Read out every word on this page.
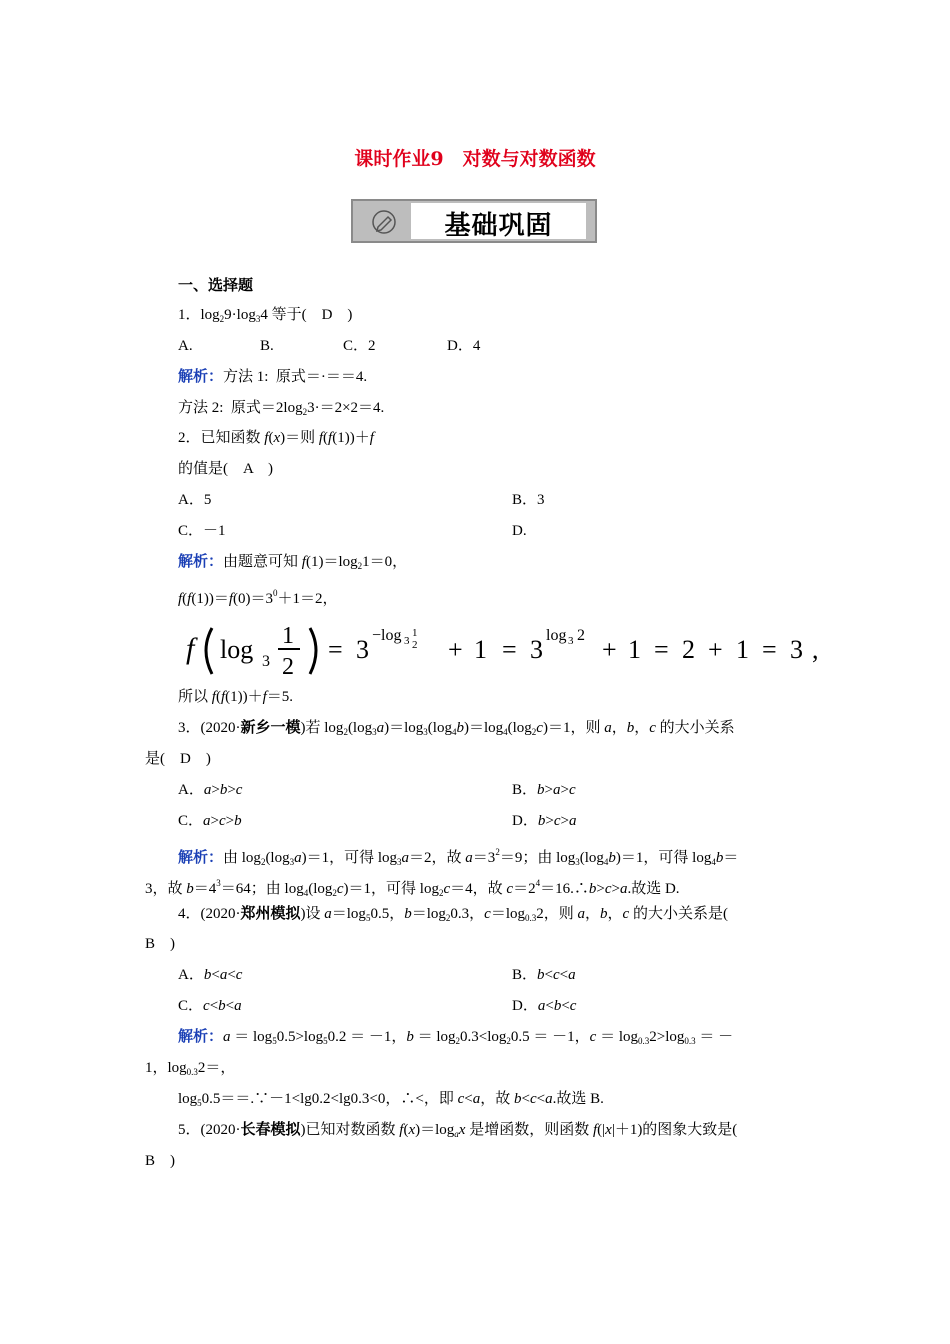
课时作业9　对数与对数函数
基础巩固
一、选择题
1．$\log_29\cdot\log_34$ 等于(　D　)
A.	B.	C．2	D．4
解析：方法 1:  原式＝·＝＝4.
方法 2:  原式$=2\log_23\cdot=2\times 2=4$.
2．已知函数 f(x)＝则 f(f(1))＋f
的值是(　A　)
A．5	B．3
C．－1	D.
解析：由题意可知 $f(1)=\log_21=0$，
$f(f(1))=f(0)=3^0+1=2$，
f log 3
1
2
= 3 −log 3
1
2 + 1 = 3 log 3 2 + 1 = 2 + 1 = 3 ,
所以 f(f(1))＋f＝5.
3．(2020·新乡一模)若 $\log_2(\log_3a)=\log_3(\log_4b)=\log_4(\log_2c)=1$，则 a，b，c 的大小关系
是(　D　)
A．a>b>c	B．b>a>c
C．a>c>b	D．b>c>a
解析：由 $\log_2(\log_3a)=1$，可得 $\log_3a=2$，故 $a=3^2=9$；由 $\log_3(\log_4b)=1$，可得 $\log_4b=$
3，故 $b=4^3=64$；由 $\log_4(\log_2c)=1$，可得 $\log_2c=4$，故 $c=2^4=16.\therefore b>c>a$.故选 D.
4．(2020·郑州模拟)设 $a=\log_50.5$，$b=\log_20.3$，$c=\log_{0.3}2$，则 a，b，c 的大小关系是(
B　)
A．b<a<c	B．b<c<a
C．c<b<a	D．a<b<c
解析：$a = \log_50.5>\log_50.2 = -1$，$b = \log_20.3<\log_20.5 = -1$，$c = \log_{0.3}2>\log_{0.3}$ ＝ －
1，$\log_{0.3}2=$，
$\log_50.5==.\because-1<\lg 0.2<\lg 0.3<0$，∴<，即 c<a，故 b<c<a.故选 B.
5．(2020·长春模拟)已知对数函数 $f(x)=\log_ax$ 是增函数，则函数 f(|x|＋1)的图象大致是(
B　)
